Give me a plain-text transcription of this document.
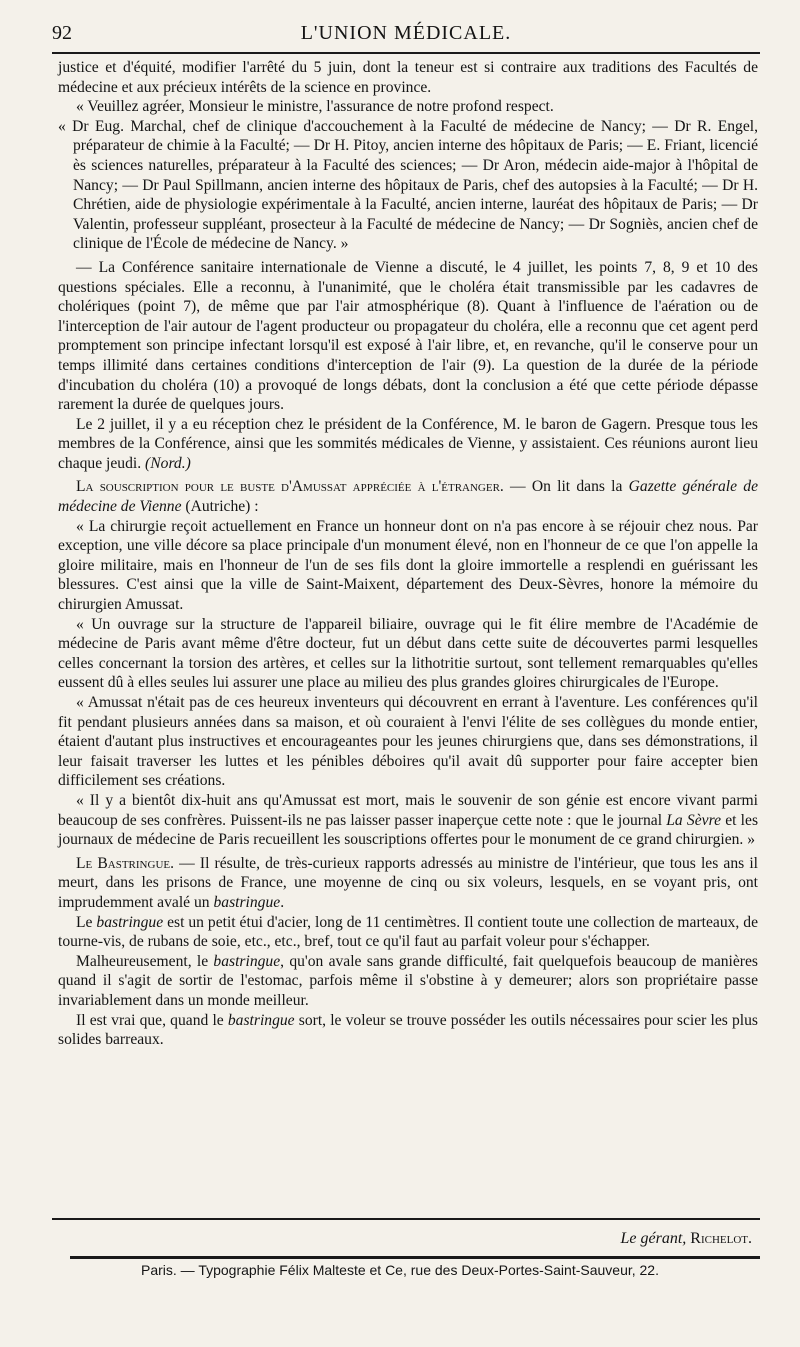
92	L'UNION MÉDICALE.

justice et d'équité, modifier l'arrêté du 5 juin, dont la teneur est si contraire aux traditions des Facultés de médecine et aux précieux intérêts de la science en province.

« Veuillez agréer, Monsieur le ministre, l'assurance de notre profond respect.

« Dr Eug. Marchal, chef de clinique d'accouchement à la Faculté de médecine de Nancy; — Dr R. Engel, préparateur de chimie à la Faculté; — Dr H. Pitoy, ancien interne des hôpitaux de Paris; — E. Friant, licencié ès sciences naturelles, préparateur à la Faculté des sciences; — Dr Aron, médecin aide-major à l'hôpital de Nancy; — Dr Paul Spillmann, ancien interne des hôpitaux de Paris, chef des autopsies à la Faculté; — Dr H. Chrétien, aide de physiologie expérimentale à la Faculté, ancien interne, lauréat des hôpitaux de Paris; — Dr Valentin, professeur suppléant, prosecteur à la Faculté de médecine de Nancy; — Dr Sogniès, ancien chef de clinique de l'École de médecine de Nancy. »

— La Conférence sanitaire internationale de Vienne a discuté, le 4 juillet, les points 7, 8, 9 et 10 des questions spéciales. Elle a reconnu, à l'unanimité, que le choléra était transmissible par les cadavres de cholériques (point 7), de même que par l'air atmosphérique (8). Quant à l'influence de l'aération ou de l'interception de l'air autour de l'agent producteur ou propagateur du choléra, elle a reconnu que cet agent perd promptement son principe infectant lorsqu'il est exposé à l'air libre, et, en revanche, qu'il le conserve pour un temps illimité dans certaines conditions d'interception de l'air (9). La question de la durée de la période d'incubation du choléra (10) a provoqué de longs débats, dont la conclusion a été que cette période dépasse rarement la durée de quelques jours.

Le 2 juillet, il y a eu réception chez le président de la Conférence, M. le baron de Gagern. Presque tous les membres de la Conférence, ainsi que les sommités médicales de Vienne, y assistaient. Ces réunions auront lieu chaque jeudi. (Nord.)

La souscription pour le buste d'Amussat appréciée à l'étranger. — On lit dans la Gazette générale de médecine de Vienne (Autriche) :

« La chirurgie reçoit actuellement en France un honneur dont on n'a pas encore à se réjouir chez nous. Par exception, une ville décore sa place principale d'un monument élevé, non en l'honneur de ce que l'on appelle la gloire militaire, mais en l'honneur de l'un de ses fils dont la gloire immortelle a resplendi en guérissant les blessures. C'est ainsi que la ville de Saint-Maixent, département des Deux-Sèvres, honore la mémoire du chirurgien Amussat.

« Un ouvrage sur la structure de l'appareil biliaire, ouvrage qui le fit élire membre de l'Académie de médecine de Paris avant même d'être docteur, fut un début dans cette suite de découvertes parmi lesquelles celles concernant la torsion des artères, et celles sur la lithotritie surtout, sont tellement remarquables qu'elles eussent dû à elles seules lui assurer une place au milieu des plus grandes gloires chirurgicales de l'Europe.

« Amussat n'était pas de ces heureux inventeurs qui découvrent en errant à l'aventure. Les conférences qu'il fit pendant plusieurs années dans sa maison, et où couraient à l'envi l'élite de ses collègues du monde entier, étaient d'autant plus instructives et encourageantes pour les jeunes chirurgiens que, dans ses démonstrations, il leur faisait traverser les luttes et les pénibles déboires qu'il avait dû supporter pour faire accepter bien difficilement ses créations.

« Il y a bientôt dix-huit ans qu'Amussat est mort, mais le souvenir de son génie est encore vivant parmi beaucoup de ses confrères. Puissent-ils ne pas laisser passer inaperçue cette note : que le journal La Sèvre et les journaux de médecine de Paris recueillent les souscriptions offertes pour le monument de ce grand chirurgien. »

Le Bastringue. — Il résulte, de très-curieux rapports adressés au ministre de l'intérieur, que tous les ans il meurt, dans les prisons de France, une moyenne de cinq ou six voleurs, lesquels, en se voyant pris, ont imprudemment avalé un bastringue.

Le bastringue est un petit étui d'acier, long de 11 centimètres. Il contient toute une collection de marteaux, de tourne-vis, de rubans de soie, etc., etc., bref, tout ce qu'il faut au parfait voleur pour s'échapper.

Malheureusement, le bastringue, qu'on avale sans grande difficulté, fait quelquefois beaucoup de manières quand il s'agit de sortir de l'estomac, parfois même il s'obstine à y demeurer; alors son propriétaire passe invariablement dans un monde meilleur.

Il est vrai que, quand le bastringue sort, le voleur se trouve posséder les outils nécessaires pour scier les plus solides barreaux.

Le gérant, Richelot.
Paris. — Typographie Félix Malteste et Ce, rue des Deux-Portes-Saint-Sauveur, 22.
